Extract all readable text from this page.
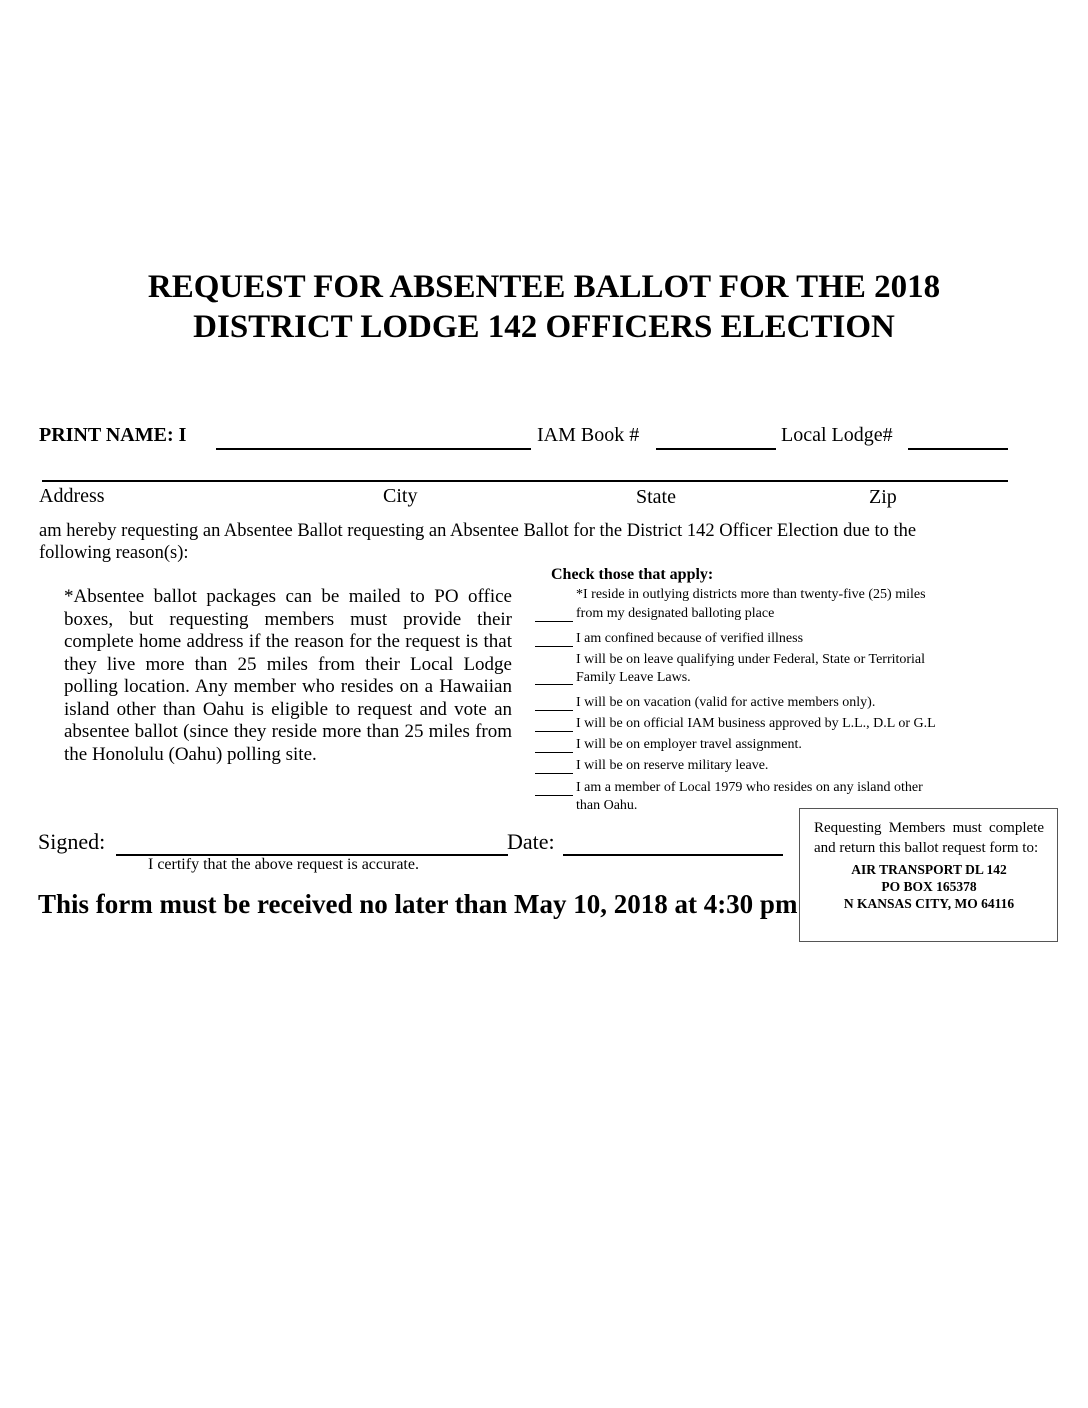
REQUEST FOR ABSENTEE BALLOT FOR THE 2018
DISTRICT LODGE 142 OFFICERS ELECTION
PRINT NAME: I	IAM Book #	Local Lodge#
Address	City	State	Zip
am hereby requesting an Absentee Ballot requesting an Absentee Ballot for the District 142 Officer Election due to the
following reason(s):
*Absentee ballot packages can be mailed to PO office boxes, but requesting members must provide their complete home address if the reason for the request is that they live more than 25 miles from their Local Lodge polling location. Any member who resides on a Hawaiian island other than Oahu is eligible to request and vote an absentee ballot (since they reside more than 25 miles from the Honolulu (Oahu) polling site.
Check those that apply:
*I reside in outlying districts more than twenty-five (25) miles
from my designated balloting place
I am confined because of verified illness
I will be on leave qualifying under Federal, State or Territorial
Family Leave Laws.
I will be on vacation (valid for active members only).
I will be on official IAM business approved by L.L., D.L or G.L
I will be on employer travel assignment.
I will be on reserve military leave.
I am a member of Local 1979 who resides on any island other
than Oahu.
Signed:	Date:
I certify that the above request is accurate.
This form must be received no later than May 10, 2018 at 4:30 pm
Requesting Members must complete and return this ballot request form to:
AIR TRANSPORT DL 142
PO BOX 165378
N KANSAS CITY, MO 64116
